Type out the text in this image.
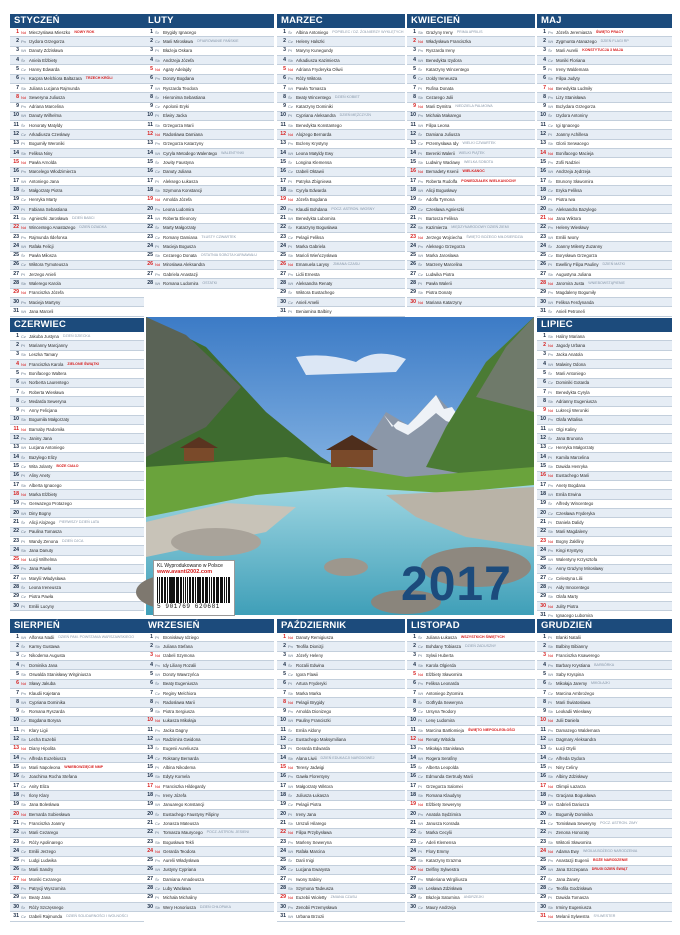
STYCZEŃ
1 Nd Mieczysława Mieszko NOWY ROK
2 Pn Izydora Grzegorza
3 Wt Danuty Zdzisława
4 Śr Aniela Elżbiety
5 Cz Hanny Edwarda
6 Pt Kacpra Melchiora Baltazara TRZECH KRÓLI
7 Sb Juliana Lucjana Rajmunda
8 Nd Seweryna Juliusza
9 Pn Adriana Marcelina
10 Wt Danuty Wilhelma
11 Śr Honoraty Matyldy
12 Cz Arkadiusza Czesławy
13 Pt Bogumiły Weroniki
14 Sb Feliksa Niny
15 Nd Pawła Arnolda
16 Pn Marcelego Włodzimierza
17 Wt Antoniego Jana
18 Śr Małgorzaty Piotra
19 Cz Henryka Marty
20 Pt Fabiana Sebastiana
21 Sb Agnieszki Jarosława DZIEŃ BABCI
22 Nd Wincentego Anastazego DZIEŃ DZIADKA
23 Pn Rajmunda Ildefonsa
24 Wt Rafała Felicji
25 Śr Pawła Miłosza
26 Cz Wiktora Tymoteusza
27 Pt Jerzego Anieli
28 Sb Walerego Karola
29 Nd Franciszka Józefa
30 Pn Macieja Martyny
31 Wt Jana Marceli
LUTY
1 Śr Brygidy Ignacego
2 Cz Marii Mirosława OFIAROWANIE PAŃSKIE
3 Pt Błażeja Oskara
4 Sb Andrzeja Józefa
5 Nd Agaty Adelajdy
6 Pn Doroty Bogdana
7 Wt Ryszarda Teodora
8 Śr Hieronima Sebastiana
9 Cz Apolonii Eryki
10 Pt Elwiry Jacka
11 Sb Grzegorza Marii
12 Nd Radosława Damiana
13 Pn Grzegorza Katarzyny
14 Wt Cyryla Metodego Walentego WALENTYNKI
15 Śr Jowity Faustyna
16 Cz Danuty Juliana
17 Pt Aleksego Łukasza
18 Sb Szymona Konstancji
19 Nd Arnolda Józefa
20 Pn Leona Ludomira
21 Wt Roberta Eleonory
22 Śr Marty Małgorzaty
23 Cz Romany Damiana TŁUSTY CZWARTEK
24 Pt Macieja Bogusza
25 Sb Cezarego Donata OSTATNIA SOBOTA KARNAWAŁU
26 Nd Mirosława Aleksandra
27 Pn Gabriela Anastazji
28 Wt Romana Ludomira OSTATKI
MARZEC
1 Śr Albina Antoniego POPIELEC / DZ. ŻOŁNIERZY WYKLĘTYCH
2 Cz Heleny Halszki
3 Pt Maryny Kunegundy
4 Sb Arkadiusza Kazimierza
5 Nd Adriana Fryderyka Oliwii
6 Pn Róży Wiktora
7 Wt Pawła Tomasza
8 Śr Beaty Wincentego DZIEŃ KOBIET
9 Cz Katarzyny Dominiki
10 Pt Cypriana Aleksandra DZIEŃ MĘŻCZYZN
11 Sb Benedykta Konstantego
12 Nd Alojzego Bernarda
13 Pn Bożeny Krystyny
14 Wt Leona Matyldy Ewy
15 Śr Longina Klemensa
16 Cz Izabeli Oktawii
17 Pt Patryka Zbigniewa
18 Sb Cyryla Edwarda
19 Nd Józefa Bogdana
20 Pn Klaudii Bohdana POCZ. ASTRON. WIOSNY
21 Wt Benedykta Lubomira
22 Śr Katarzyny Bogusława
23 Cz Pelagii Feliksa
24 Pt Marka Gabriela
25 Sb Marioli Wieńczysława
26 Nd Emanuela Larysy ZMIANA CZASU
27 Pn Lidii Ernesta
28 Wt Aleksandra Renaty
29 Śr Wiktora Eustachego
30 Cz Anieli Amelii
31 Pt Beniamina Balbiny
KWIECIEŃ
1 Sb Grażyny Ireny PRIMA APRILIS
2 Nd Władysława Franciszka
3 Pn Ryszarda Ireny
4 Wt Benedykta Izydora
5 Śr Katarzyny Wincentego
6 Cz Izoldy Ireneusza
7 Pt Rufina Donata
8 Sb Cezarego Julii
9 Nd Marii Dymitra NIEDZIELA PALMOWA
10 Pn Michała Makarego
11 Wt Filipa Leona
12 Śr Damiana Juliusza
13 Cz Przemysława Idy WIELKI CZWARTEK
14 Pt Berenki Walerii WIELKI PIĄTEK
15 Sb Ludwiny Wacławy WIELKA SOBOTA
16 Nd Bernadety Ksenii WIELKANOC
17 Pn Roberta Rudolfa PONIEDZIAŁEK WIELKANOCNY
18 Wt Alicji Bogusławy
19 Śr Adolfa Tymona
20 Cz Czesława Agnieszki
21 Pt Bartosza Feliksa
22 Sb Kazimierza MIĘDZYNARODOWY DZIEŃ ZIEMI
23 Nd Jerzego Wojciecha ŚWIĘTO BOŻEGO MIŁOSIERDZIA
24 Pn Aleksego Grzegorza
25 Wt Marka Jarosława
26 Śr Marzeny Marcelina
27 Cz Ludwika Piotra
28 Pt Pawła Walerii
29 Sb Piotra Donaty
30 Nd Mariana Katarzyny
MAJ
1 Pn Józefa Jeremiasza ŚWIĘTO PRACY
2 Wt Zygmunta Atanazego DZIEŃ FLAGI RP
3 Śr Marii Aurelii KONSTYTUCJA 3 MAJA
4 Cz Moniki Floriana
5 Pt Ireny Waldemara
6 Sb Filipa Judyty
7 Nd Benedykta Ludmiły
8 Pn Lizy Stanisława
9 Wt Bożydara Grzegorza
10 Śr Izydora Antoniny
11 Cz Igi Ignacego
12 Pt Joanny Achillesa
13 Sb Glorii Serwacego
14 Nd Bonifacego Macieja
15 Pn Zofii Nadziei
16 Wt Andrzeja Jędrzeja
17 Śr Brunony Sławomira
18 Cz Eryka Feliksa
19 Pt Piotra Iwa
20 Sb Aleksandra Bazylego
21 Nd Jana Wiktora
22 Pn Heleny Wiesławy
23 Wt Emilii Iwony
24 Śr Joanny Milenty Zuzanny
25 Cz Borysława Grzegorza
26 Pt Ewelliny Filipa Pauliny DZIEŃ MATKI
27 Sb Augustyna Juliana
28 Nd Jaromira Justa WNIEBOWSTĄPIENIE
29 Pn Magdaleny Bogumiły
30 Wt Feliksa Ferdynanda
31 Śr Anieli Petroneli
CZERWIEC
1 Cz Jakuba Justyna DZIEŃ DZIECKA
2 Pt Marianny Marcjanny
3 Sb Leszka Tamary
4 Nd Franciszka Karola ZIELONE ŚWIĄTKI
5 Pn Bonifacego Waltera
6 Wt Norberta Laurentego
7 Śr Roberta Wiesława
8 Cz Medarda Seweryna
9 Pt Anny Felicjana
10 Sb Bogumiła Małgorzaty
11 Nd Barnaby Radomiła
12 Pn Janiny Jana
13 Wt Lucjana Antoniego
14 Śr Bazylego Elizy
15 Cz Wita Jolanty BOŻE CIAŁO
16 Pt Aliny Anety
17 Sb Alberta Ignacego
18 Nd Marka Elżbiety
19 Pn Gerwazego Protazego
20 Wt Diny Bogny
21 Śr Alicji Alojzego PIERWSZY DZIEŃ LATA
22 Cz Paulina Tomasza
23 Pt Wandy Zenona DZIEŃ OJCA
24 Sb Jana Danuty
25 Nd Łucji Wilhelma
26 Pn Jana Pawła
27 Wt Marylii Władysława
28 Śr Leona Ireneusza
29 Cz Piotra Pawła
30 Pt Emilii Lucyny
LIPIEC
1 Sb Haliny Mariana
2 Nd Jagody Urbana
3 Pn Jacka Anatola
4 Wt Malwiny Odona
5 Śr Marii Antoniego
6 Cz Dominiki Gotarda
7 Pt Benedykta Cyryla
8 Sb Adrianny Eugeniusza
9 Nd Lukrecji Weroniki
10 Pn Olafa Witalisa
11 Wt Olgi Kaliny
12 Śr Jana Brunona
13 Cz Henryka Małgorzaty
14 Pt Kamila Marcelina
15 Sb Dawida Henryka
16 Nd Eustachego Marii
17 Pn Anety Bogdana
18 Wt Emila Erwina
19 Śr Alfredy Wincentego
20 Cz Czesława Fryderyka
21 Pt Daniela Dalidy
22 Sb Marii Magdaleny
23 Nd Bogny Żaklliny
24 Pn Kingi Krystyny
25 Wt Walentyny Krzysztofa
26 Śr Anny Grażyny Mirosławy
27 Cz Celestyna Lilii
28 Pt Aidy Innocentego
29 Sb Olafa Marty
30 Nd Julity Piotra
31 Pn Ignacego Lubomira
SIERPIEŃ
1 Wt Alfonsa Nadii DZIEŃ PAM. POWSTANIA WARSZAWSKIEGO
2 Śr Karmy Gustawa
3 Cz Nikodema Augusta
4 Pt Dominika Jana
5 Sb Oswalda Stanisławy Wirginiusza
6 Nd Sławy Jakuba
7 Pn Klaudii Kajetana
8 Wt Cypriana Dominika
9 Śr Romana Ryszarda
10 Cz Bogdana Borysa
11 Pt Klary Ligii
12 Sb Lecha Euzebii
13 Nd Diany Hipolita
14 Pn Alfreda Euzebiusza
15 Wt Marii Napoleona WNIEBOWZIĘCIE NMP
16 Śr Joachima Rocha Stefana
17 Cz Anity Eliza
18 Pt Ilony Klary
19 Sb Jana Bolesława
20 Nd Bernarda Sobiesława
21 Pn Franciszka Joanny
22 Wt Marii Cezarego
23 Śr Róży Apolinarego
24 Cz Emilii Jerzego
25 Pt Ludgi Ludwika
26 Sb Marii Sandry
27 Nd Moniki Cezarego
28 Pn Patrycji Wyszomira
29 Wt Beaty Jana
30 Śr Róży Szczęsnego
31 Cz Izabeli Rajmunda DZIEŃ SOLIDARNOŚCI I WOLNOŚCI
WRZESIEŃ
1 Pt Bronisławy Idziego
2 Sb Juliana Stefana
3 Nd Izabeli Szymona
4 Pn Idy Liliany Rozalii
5 Wt Doroty Wawrzyńca
6 Śr Beaty Eugeniusza
7 Cz Reginy Melchiora
8 Pt Radosława Marii
9 Sb Piotra Sergiusza
10 Nd Łukasza Mikołaja
11 Pn Jacka Dagny
12 Wt Radzimira Gwidona
13 Śr Eugenii Aureliusza
14 Cz Roksany Bernarda
15 Pt Albina Nikodema
16 Sb Edyty Kornela
17 Nd Franciszka Hildegardy
18 Pn Ireny Józefa
19 Wt Januarego Konstancji
20 Śr Eustachego Faustyny Filipiny
21 Cz Jonasza Mateusza
22 Pt Tomasza Maurycego POCZ. ASTRON. JESIENI
23 Sb Bogusława Tekli
24 Nd Gerarda Teodora
25 Pn Aurelii Władysława
26 Wt Justyny Cypriana
27 Śr Damiana Amadeusza
28 Cz Luby Wacława
29 Pt Michała Michaliny
30 Sb Wery Honoriusza DZIEŃ CHŁOPAKA
PAŹDZIERNIK
1 Nd Danuty Remigiusza
2 Pn Teofila Dionizji
3 Wt Józefy Heleny
4 Śr Rozalii Edwina
5 Cz Igora Flawii
6 Pt Artura Fryderyki
7 Sb Marka Marka
8 Nd Pelagii Brygidy
9 Pn Arnolda Dionizego
10 Wt Pauliny Franciszki
11 Śr Emila Aldony
12 Cz Eustachego Maksymiliana
13 Pt Gerarda Edwarda
14 Sb Alana Liwii DZIEŃ EDUKACJI NARODOWEJ
15 Nd Teresy Jadwigi
16 Pn Gawła Florentyny
17 Wt Małgorzaty Wiktora
18 Śr Juliusza Łukasza
19 Cz Pelagii Piotra
20 Pt Ireny Jana
21 Sb Urszuli Hilarego
22 Nd Filipa Przybysława
23 Pn Marleny Seweryna
24 Wt Rafała Marcina
25 Śr Darii Inigi
26 Cz Lucjana Ewarysta
27 Pt Iwony Sabiny
28 Sb Szymona Tadeusza
29 Nd Euzebii Wioletty ZMIANA CZASU
30 Pn Zenobii Przemysława
31 Wt Urbana Brzozii
LISTOPAD
1 Śr Juliana Łukasza WSZYSTKICH ŚWIĘTYCH
2 Cz Bohdany Tobiasza DZIEŃ ZADUSZNY
3 Pt Sylwii Huberta
4 Sb Karola Olgierda
5 Nd Elżbiety Sławomira
6 Pn Feliksa Leonarda
7 Wt Antoniego Żytomira
8 Śr Gotfryda Seweryna
9 Cz Ursyna Teodory
10 Pt Lenę Ludomira
11 Sb Marcina Bartłomieja ŚWIĘTO NIEPODLEGŁOŚCI
12 Nd Renaty Witolda
13 Pn Mikołaja Stanisława
14 Wt Rogera Serafiny
15 Śr Alberta Leopolda
16 Cz Edmunda Gertrudy Marii
17 Pt Grzegorza Salomei
18 Sb Romana Klaudyny
19 Nd Elżbiety Seweryny
20 Pn Anatola Sędzimira
21 Wt Janusza Konrada
22 Śr Marka Cecylii
23 Cz Adeli Klemensa
24 Pt Flory Emmy
25 Sb Katarzyny Erazma
26 Nd Delfiny Sylwestra
27 Pn Waleriana Wirgiliusza
28 Wt Lesława Zdzisława
29 Śr Błażeja Saturnina ANDRZEJKI
30 Cz Maury Andrzeja
GRUDZIEŃ
1 Pt Blanki Natalii
2 Sb Balbiny Bibianny
3 Nd Franciszka Ksawerego
4 Pn Barbary Krystiana BARBÓRKA
5 Wt Saby Kryspina
6 Śr Mikołaja Jaremy MIKOŁAJKI
7 Cz Marcina Ambrożego
8 Pt Marii Światosława
9 Sb Leokadii Wiesławy
10 Nd Julii Daniela
11 Pn Damazego Waldemara
12 Wt Dagmary Aleksandra
13 Śr Łucji Otylii
14 Cz Alfreda Izydora
15 Pt Niny Celiny
16 Sb Albiny Zdzisławy
17 Nd Olimpii Łazarza
18 Pn Gracjana Bogusława
19 Wt Gabrieli Dariusza
20 Śr Bogumiły Dominika
21 Cz Tomisława Seweryny POCZ. ASTRON. ZIMY
22 Pt Zenona Honoraty
23 Sb Wiktorii Sławomira
24 Nd Adama Ewy WIGILIA BOŻEGO NARODZENIA
25 Pn Anastazji Eugenii BOŻE NARODZENIE
26 Wt Jana Szczepana DRUGI DZIEŃ ŚWIĄT
27 Śr Jana Żanety
28 Cz Teofila Godzisława
29 Pt Dawida Tomasza
30 Sb Irminy Eugeniusza
31 Nd Melanii Sylwestra SYLWESTER
2017
KL Wyprodukowano w Polsce
www.avanti2002.com
5 901769 620681
